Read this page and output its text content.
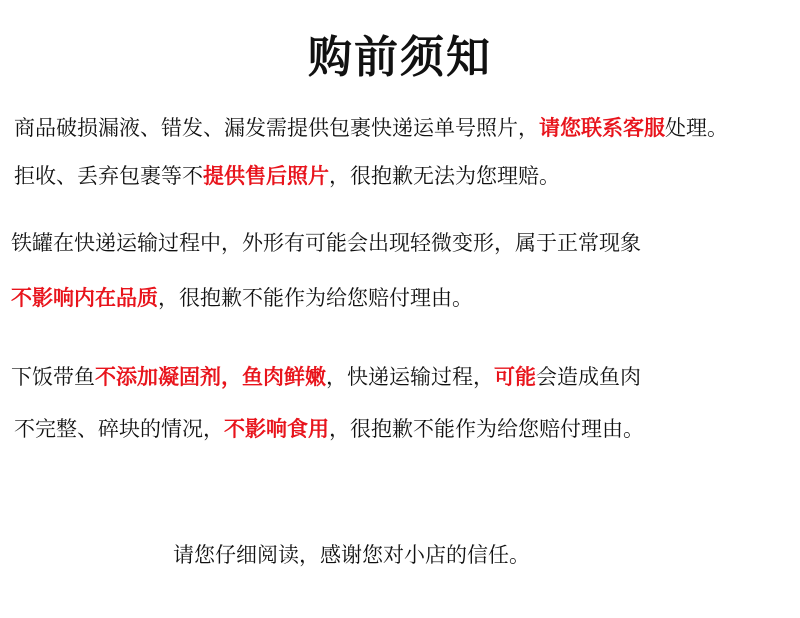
购前须知
商品破损漏液、错发、漏发需提供包裹快递运单号照片，请您联系客服处理。
拒收、丢弃包裹等不提供售后照片，很抱歉无法为您理赔。
铁罐在快递运输过程中，外形有可能会出现轻微变形，属于正常现象
不影响内在品质，很抱歉不能作为给您赔付理由。
下饭带鱼不添加凝固剂，鱼肉鲜嫩，快递运输过程，可能会造成鱼肉
不完整、碎块的情况，不影响食用，很抱歉不能作为给您赔付理由。
请您仔细阅读，感谢您对小店的信任。
